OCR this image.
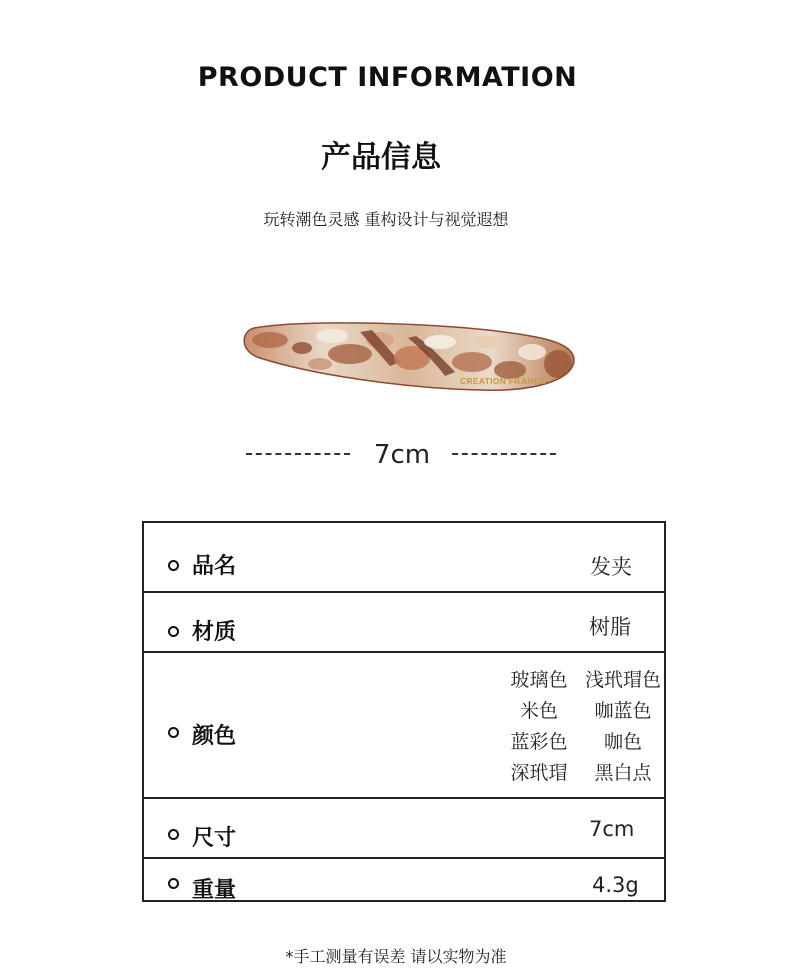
PRODUCT INFORMATION
产品信息
玩转潮色灵感 重构设计与视觉遐想
CREATION FRANCE
7cm
品名	发夹
材质	树脂
颜色
玻璃色 浅玳瑁色
米色	咖蓝色
蓝彩色	咖色
深玳瑁	黑白点
尺寸	7cm
重量	4.3g
*手工测量有误差 请以实物为准
